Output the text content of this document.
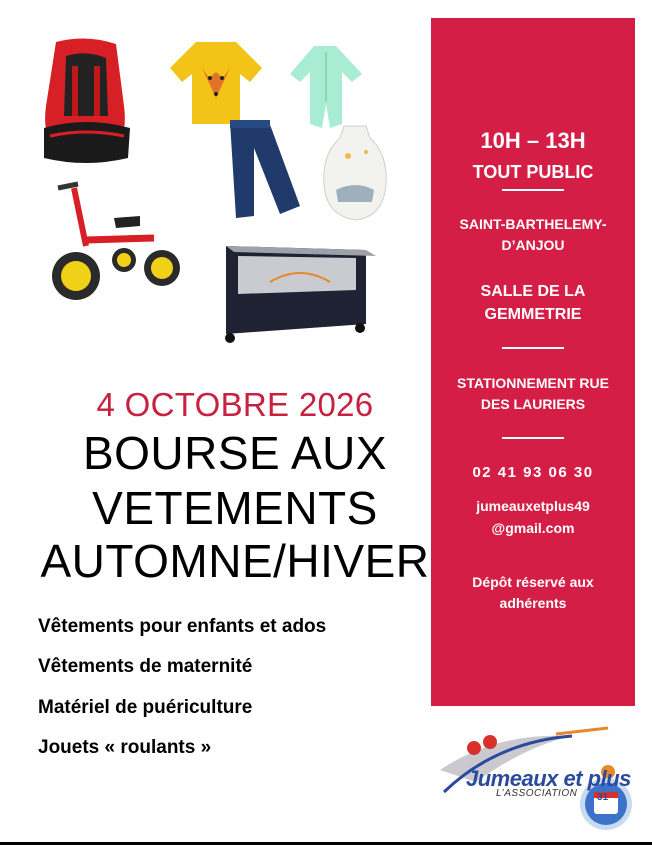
4 OCTOBRE 2026
BOURSE AUX
VETEMENTS
AUTOMNE/HIVER
Vêtements pour enfants et ados
Vêtements de maternité
Matériel de puériculture
Jouets « roulants »
10H – 13H
TOUT PUBLIC
SAINT-BARTHELEMY-
D’ANJOU
SALLE DE LA
GEMMETRIE
STATIONNEMENT RUE
DES LAURIERS
02 41 93 06 30
jumeauxetplus49
@gmail.com
Dépôt réservé aux
adhérents
Jumeaux et plus
L’ASSOCIATION 31
